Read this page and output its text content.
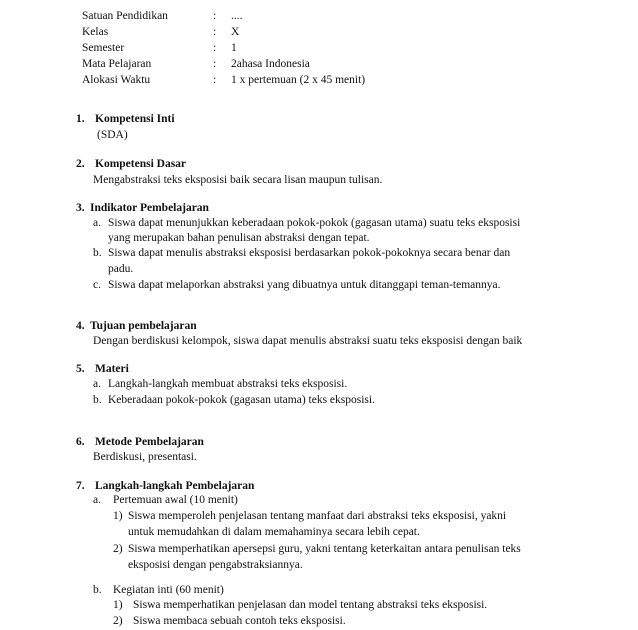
Satuan Pendidikan	: ....
Kelas	: X
Semester	: 1
Mata Pelajaran	: 2ahasa Indonesia
Alokasi Waktu	: 1 x pertemuan (2 x 45 menit)
1. Kompetensi Inti
(SDA)
2. Kompetensi Dasar
Mengabstraksi teks eksposisi baik secara lisan maupun tulisan.
3. Indikator Pembelajaran
a. Siswa dapat menunjukkan keberadaan pokok-pokok (gagasan utama) suatu teks eksposisi
yang merupakan bahan penulisan abstraksi dengan tepat.
b. Siswa dapat menulis abstraksi eksposisi berdasarkan pokok-pokoknya secara benar dan
padu.
c. Siswa dapat melaporkan abstraksi yang dibuatnya untuk ditanggapi teman-temannya.
4. Tujuan pembelajaran
Dengan berdiskusi kelompok, siswa dapat menulis abstraksi suatu teks eksposisi dengan baik
5. Materi
a. Langkah-langkah membuat abstraksi teks eksposisi.
b. Keberadaan pokok-pokok (gagasan utama) teks eksposisi.
6. Metode Pembelajaran
Berdiskusi, presentasi.
7. Langkah-langkah Pembelajaran
a. Pertemuan awal (10 menit)
1) Siswa memperoleh penjelasan tentang manfaat dari abstraksi teks eksposisi, yakni
untuk memudahkan di dalam memahaminya secara lebih cepat.
2) Siswa memperhatikan apersepsi guru, yakni tentang keterkaitan antara penulisan teks
eksposisi dengan pengabstraksiannya.
b. Kegiatan inti (60 menit)
1) Siswa memperhatikan penjelasan dan model tentang abstraksi teks eksposisi.
2) Siswa membaca sebuah contoh teks eksposisi.
